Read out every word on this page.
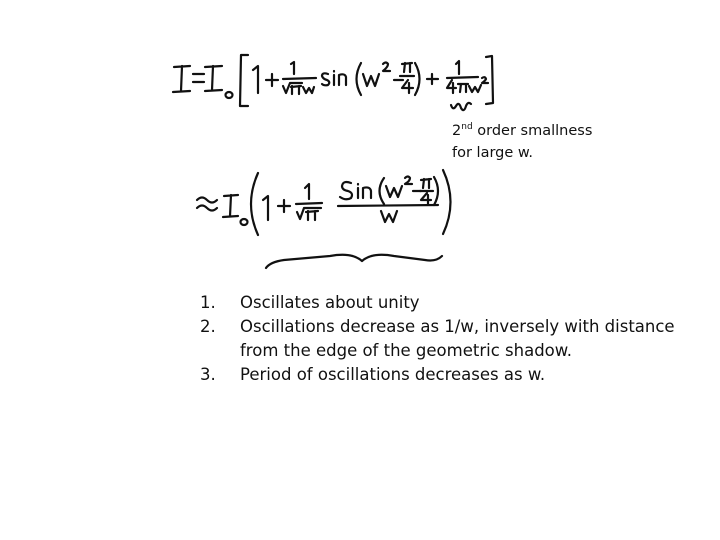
2nd order smallness
for large w.
1.	Oscillates about unity
2.	Oscillations decrease as 1/w, inversely with distance from the edge of the geometric shadow.
3.	Period of oscillations decreases as w.
